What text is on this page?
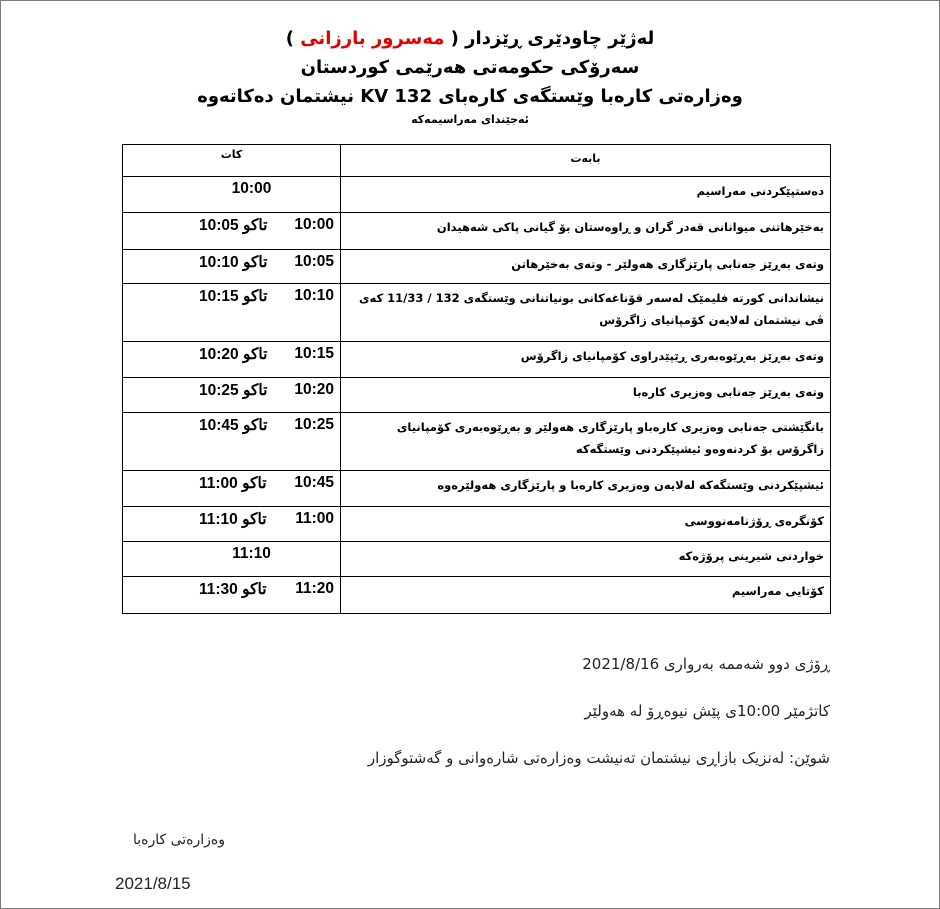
لەژێر چاودێری ڕێزدار ( مەسرور بارزانی )
سەرۆکی حکومەتی هەرێمی کوردستان
وەزارەتی کارەبا وێستگەی کارەبای KV 132 نیشتمان دەکاتەوە
ئەجێندای مەراسیمەکە
کات	بابەت

10:00	دەستپێکردنی مەراسیم

10:00
تاکو 10:05	بەخێرهاتنی میوانانی قەدر گران و ڕاوەستان بۆ گیانی پاکی شەهیدان

10:05
تاکو 10:10	وتەی بەڕێز جەنابی پارێزگاری هەولێر - وتەی بەخێرهاتن

10:10
تاکو 10:15	نیشاندانی کورتە فلیمێک لەسەر قۆناغەکانی بونیاتنانی وێستگەی 132 / 11/33 کەی ڤی نیشتمان لەلایەن کۆمپانیای زاگرۆس

10:15
تاکو 10:20	وتەی بەڕێز بەڕێوەبەری ڕێپێدراوی کۆمپانیای زاگرۆس

10:20
تاکو 10:25	وتەی بەڕێز جەنابی وەزیری کارەبا

10:25
تاکو 10:45	بانگێشتی جەنابی وەزیری کارەباو پارێزگاری هەولێر و بەڕێوەبەری کۆمپانیای زاگرۆس بۆ کردنەوەو ئیشپێکردنی وێستگەکە

10:45
تاکو 11:00	ئیشپێکردنی وێستگەکە لەلایەن وەزیری کارەبا و پارێزگاری هەولێرەوە

11:00
تاکو 11:10	کۆنگرەی ڕۆژنامەنووسی

11:10	خواردنی شیرینی پرۆژەکە

11:20
تاکو 11:30	کۆتایی مەراسیم
ڕۆژی دوو شەممە بەرواری 2021/8/16
کاتژمێر 10:00ی پێش نیوەڕۆ لە هەولێر
شوێن: لەنزیک بازاڕی نیشتمان تەنیشت وەزارەتی شارەوانی و گەشتوگوزار
وەزارەتی کارەبا
2021/8/15
